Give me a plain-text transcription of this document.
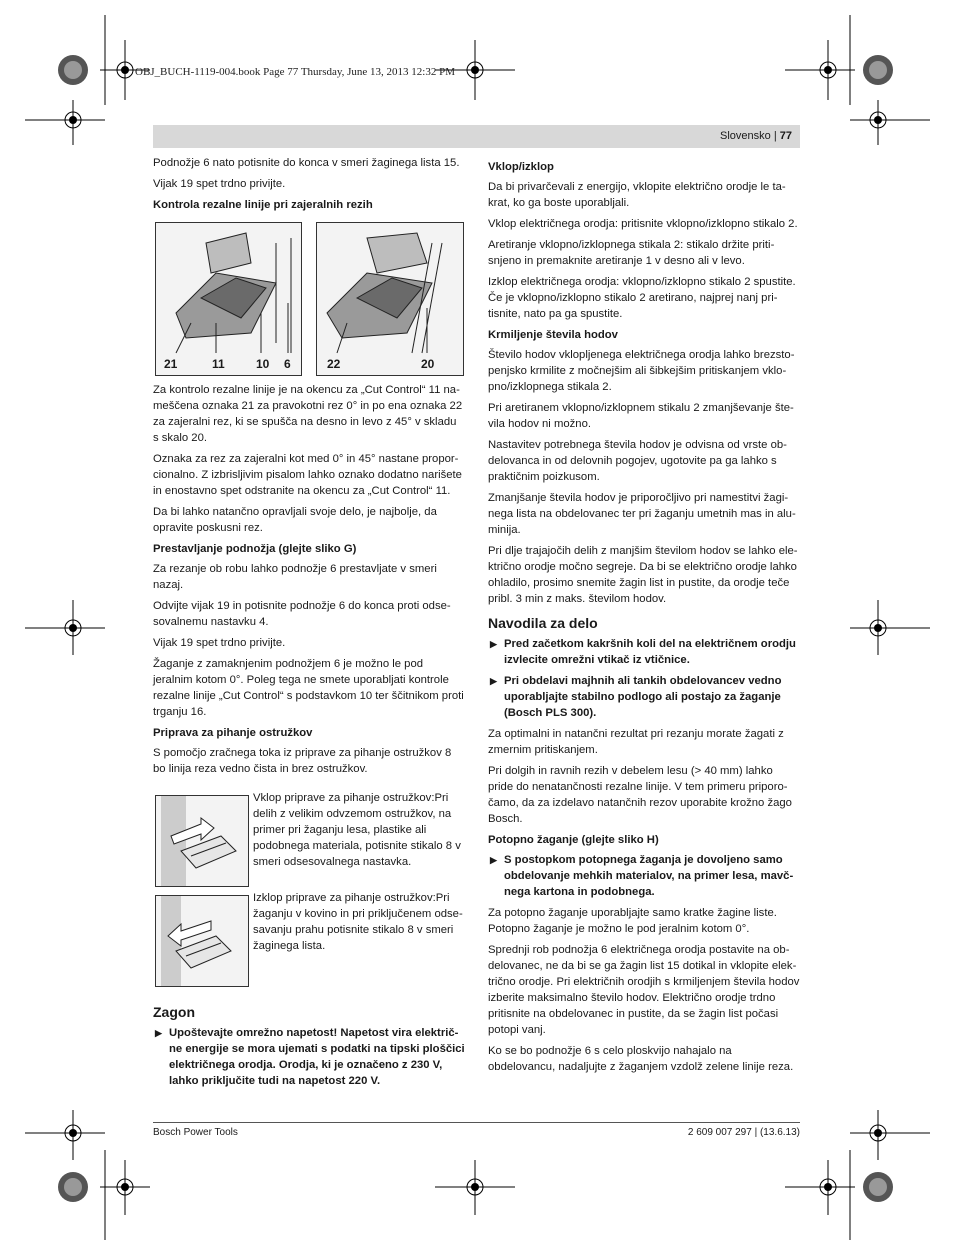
OBJ_BUCH-1119-004.book Page 77 Thursday, June 13, 2013 12:32 PM
Slovensko | 77

Podnožje 6 nato potisnite do konca v smeri žaginega lista 15.

Vijak 19 spet trdno privijte.

Kontrola rezalne linije pri zajeralnih rezih
21	11	10 6	22	20

Za kontrolo rezalne linije je na okencu za „Cut Control“ 11 nameščena oznaka 21 za pravokotni rez 0° in po ena oznaka 22 za zajeralni rez, ki se spušča na desno in levo z 45° v skladu s skalo 20.

Oznaka za rez za zajeralni kot med 0° in 45° nastane proporcionalno. Z izbrisljivim pisalom lahko oznako dodatno narišete in enostavno spet odstranite na okencu za „Cut Control“ 11.

Da bi lahko natančno opravljali svoje delo, je najbolje, da opravite poskusni rez.

Prestavljanje podnožja (glejte sliko G)

Za rezanje ob robu lahko podnožje 6 prestavljate v smeri nazaj.

Odvijte vijak 19 in potisnite podnožje 6 do konca proti odsesovalnemu nastavku 4.

Vijak 19 spet trdno privijte.

Žaganje z zamaknjenim podnožjem 6 je možno le pod jeralnim kotom 0°. Poleg tega ne smete uporabljati kontrole rezalne linije „Cut Control“ s podstavkom 10 ter ščitnikom proti trganju 16.

Priprava za pihanje ostružkov

S pomočjo zračnega toka iz priprave za pihanje ostružkov 8 bo linija reza vedno čista in brez ostružkov.

Vklop priprave za pihanje ostružkov:Pri delih z velikim odvzemom ostružkov, na primer pri žaganju lesa, plastike ali podobnega materiala, potisnite stikalo 8 v smeri odsesovalnega nastavka.

Izklop priprave za pihanje ostružkov:Pri žaganju v kovino in pri priključenem odsesavanju prahu potisnite stikalo 8 v smeri žaginega lista.

Zagon
▶ Upoštevajte omrežno napetost! Napetost vira električne energije se mora ujemati s podatki na tipski ploščici električnega orodja. Orodja, ki je označeno z 230 V, lahko priključite tudi na napetost 220 V.
Vklop/izklop

Da bi privarčevali z energijo, vklopite električno orodje le takrat, ko ga boste uporabljali.

Vklop električnega orodja: pritisnite vklopno/izklopno stikalo 2.

Aretiranje vklopno/izklopnega stikala 2: stikalo držite pritisnjeno in premaknite aretiranje 1 v desno ali v levo.

Izklop električnega orodja: vklopno/izklopno stikalo 2 spustite. Če je vklopno/izklopno stikalo 2 aretirano, najprej nanj pritisnite, nato pa ga spustite.

Krmiljenje števila hodov

Število hodov vklopljenega električnega orodja lahko brezstopenjsko krmilite z močnejšim ali šibkejšim pritiskanjem vklopno/izklopnega stikala 2.

Pri aretiranem vklopno/izklopnem stikalu 2 zmanjševanje števila hodov ni možno.

Nastavitev potrebnega števila hodov je odvisna od vrste obdelovanca in od delovnih pogojev, ugotovite pa ga lahko s praktičnim poizkusom.

Zmanjšanje števila hodov je priporočljivo pri namestitvi žaginega lista na obdelovanec ter pri žaganju umetnih mas in aluminija.

Pri dlje trajajočih delih z manjšim številom hodov se lahko električno orodje močno segreje. Da bi se električno orodje lahko ohladilo, prosimo snemite žagin list in pustite, da orodje teče pribl. 3 min z maks. številom hodov.

Navodila za delo
▶ Pred začetkom kakršnih koli del na električnem orodju izvlecite omrežni vtikač iz vtičnice.
▶ Pri obdelavi majhnih ali tankih obdelovancev vedno uporabljajte stabilno podlogo ali postajo za žaganje (Bosch PLS 300).

Za optimalni in natančni rezultat pri rezanju morate žagati z zmernim pritiskanjem.

Pri dolgih in ravnih rezih v debelem lesu (> 40 mm) lahko pride do nenatančnosti rezalne linije. V tem primeru priporočamo, da za izdelavo natančnih rezov uporabite krožno žago Bosch.

Potopno žaganje (glejte sliko H)
▶ S postopkom potopnega žaganja je dovoljeno samo obdelovanje mehkih materialov, na primer lesa, mavčnega kartona in podobnega.

Za potopno žaganje uporabljajte samo kratke žagine liste. Potopno žaganje je možno le pod jeralnim kotom 0°.

Sprednji rob podnožja 6 električnega orodja postavite na obdelovanec, ne da bi se ga žagin list 15 dotikal in vklopite električno orodje. Pri električnih orodjih s krmiljenjem števila hodov izberite maksimalno število hodov. Električno orodje trdno pritisnite na obdelovanec in pustite, da se žagin list počasi potopi vanj.

Ko se bo podnožje 6 s celo ploskvijo nahajalo na obdelovancu, nadaljujte z žaganjem vzdolž zelene linije reza.

Bosch Power Tools	2 609 007 297 | (13.6.13)
